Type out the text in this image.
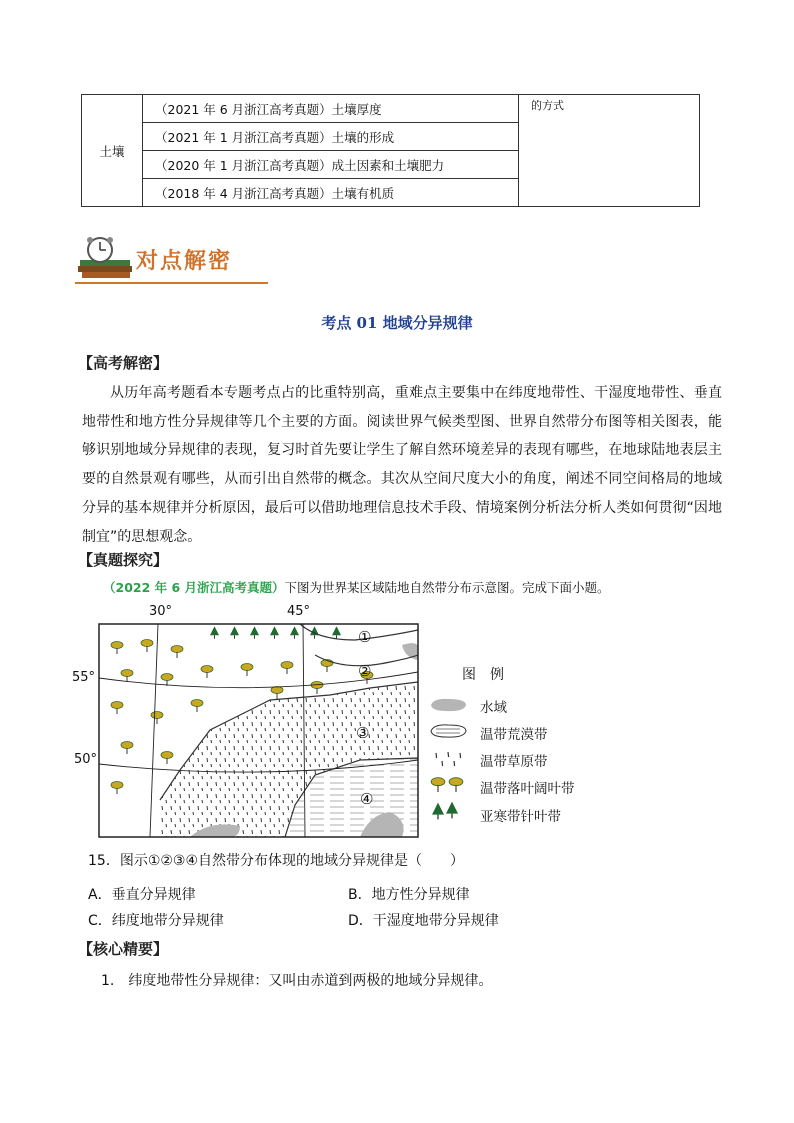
土壤	（2021 年 6 月浙江高考真题）土壤厚度	的方式
（2021 年 1 月浙江高考真题）土壤的形成
（2020 年 1 月浙江高考真题）成土因素和土壤肥力
（2018 年 4 月浙江高考真题）土壤有机质
对点解密
考点 01 地域分异规律
【高考解密】
从历年高考题看本专题考点占的比重特别高，重难点主要集中在纬度地带性、干湿度地带性、垂直地带性和地方性分异规律等几个主要的方面。阅读世界气候类型图、世界自然带分布图等相关图表，能够识别地域分异规律的表现，复习时首先要让学生了解自然环境差异的表现有哪些，在地球陆地表层主要的自然景观有哪些，从而引出自然带的概念。其次从空间尺度大小的角度，阐述不同空间格局的地域分异的基本规律并分析原因，最后可以借助地理信息技术手段、情境案例分析法分析人类如何贯彻“因地制宜”的思想观念。
【真题探究】
（2022 年 6 月浙江高考真题）下图为世界某区域陆地自然带分布示意图。完成下面小题。
30°	45°
55°
50°
①
②
③
④
图　例
水域
温带荒漠带
温带草原带
温带落叶阔叶带
亚寒带针叶带
15．图示①②③④自然带分布体现的地域分异规律是（　　）
A．垂直分异规律	B．地方性分异规律
C．纬度地带分异规律	D．干湿度地带分异规律
【核心精要】
1.　纬度地带性分异规律：又叫由赤道到两极的地域分异规律。
